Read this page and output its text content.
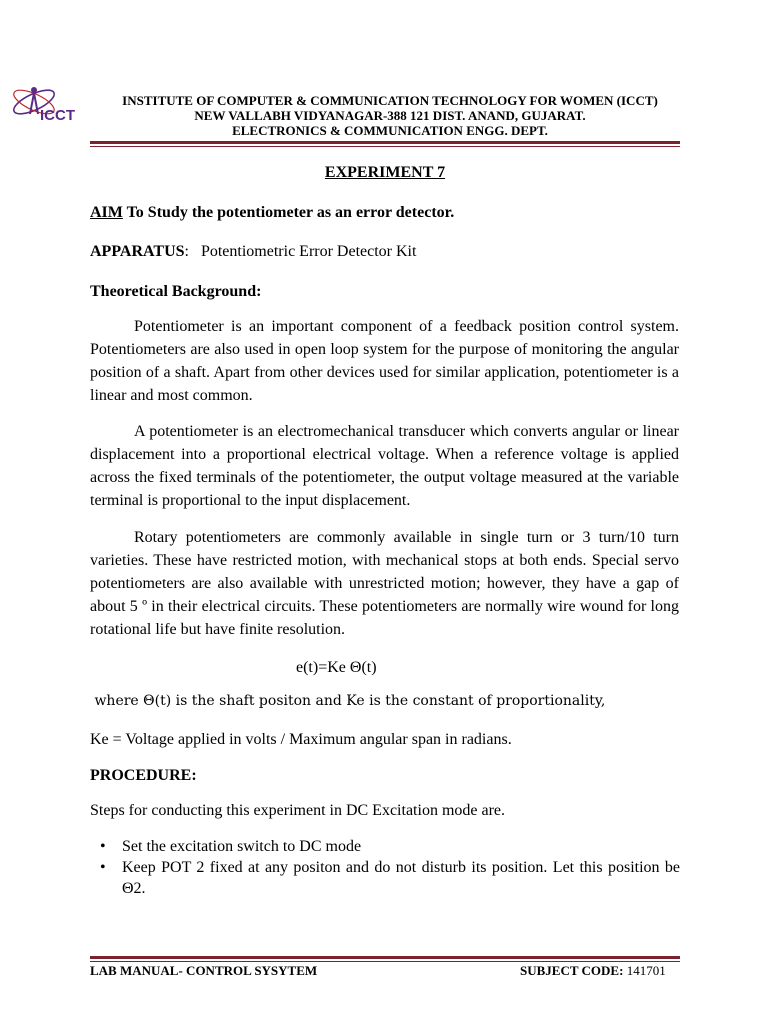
ICCT
INSTITUTE OF COMPUTER & COMMUNICATION TECHNOLOGY FOR WOMEN (ICCT)
NEW VALLABH VIDYANAGAR-388 121 DIST. ANAND, GUJARAT.
ELECTRONICS & COMMUNICATION ENGG. DEPT.
EXPERIMENT 7
AIM To Study the potentiometer as an error detector.
APPARATUS:   Potentiometric Error Detector Kit
Theoretical Background:
Potentiometer is an important component of a feedback position control system. Potentiometers are also used in open loop system for the purpose of monitoring the angular position of a shaft. Apart from other devices used for similar application, potentiometer is a linear and most common.
A potentiometer is an electromechanical transducer which converts angular or linear displacement into a proportional electrical voltage. When a reference voltage is applied across the fixed terminals of the potentiometer, the output voltage measured at the variable terminal is proportional to the input displacement.
Rotary potentiometers are commonly available in single turn or 3 turn/10 turn varieties. These have restricted motion, with mechanical stops at both ends. Special servo potentiometers are also available with unrestricted motion; however, they have a gap of about 5 º in their electrical circuits. These potentiometers are normally wire wound for long rotational life but have finite resolution.
e(t)=Ke Θ(t)
where Θ(t) is the shaft positon and Ke is the constant of proportionality,
Ke = Voltage applied in volts / Maximum angular span in radians.
PROCEDURE:
Steps for conducting this experiment in DC Excitation mode are.
• Set the excitation switch to DC mode
• Keep POT 2 fixed at any positon and do not disturb its position. Let this position be Θ2.
LAB MANUAL- CONTROL SYSYTEM	SUBJECT CODE: 141701
